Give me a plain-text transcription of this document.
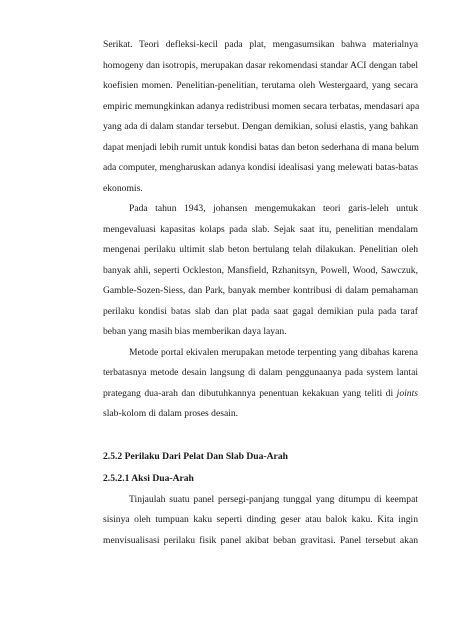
Serikat. Teori defleksi-kecil pada plat, mengasumsikan bahwa materialnya
homogeny dan isotropis, merupakan dasar rekomendasi standar ACI dengan tabel
koefisien momen. Penelitian-penelitian, terutama oleh Westergaard, yang secara
empiric memungkinkan adanya redistribusi momen secara terbatas, mendasari apa
yang ada di dalam standar tersebut. Dengan demikian, solusi elastis, yang bahkan
dapat menjadi lebih rumit untuk kondisi batas dan beton sederhana di mana belum
ada computer, mengharuskan adanya kondisi idealisasi yang melewati batas-batas
ekonomis.
Pada tahun 1943, johansen mengemukakan teori garis-leleh untuk
mengevaluasi kapasitas kolaps pada slab. Sejak saat itu, penelitian mendalam
mengenai perilaku ultimit slab beton bertulang telah dilakukan. Penelitian oleh
banyak ahli, seperti Ockleston, Mansfield, Rzhanitsyn, Powell, Wood, Sawczuk,
Gamble-Sozen-Siess, dan Park, banyak member kontribusi di dalam pemahaman
perilaku kondisi batas slab dan plat pada saat gagal demikian pula pada taraf
beban yang masih bias memberikan daya layan.
Metode portal ekivalen merupakan metode terpenting yang dibahas karena
terbatasnya metode desain langsung di dalam penggunaanya pada system lantai
prategang dua-arah dan dibutuhkannya penentuan kekakuan yang teliti di joints
slab-kolom di dalam proses desain.
2.5.2 Perilaku Dari Pelat Dan Slab Dua-Arah
2.5.2.1 Aksi Dua-Arah
Tinjaulah suatu panel persegi-panjang tunggal yang ditumpu di keempat
sisinya oleh tumpuan kaku seperti dinding geser atau balok kaku. Kita ingin
menvisualisasi perilaku fisik panel akibat beban gravitasi. Panel tersebut akan
